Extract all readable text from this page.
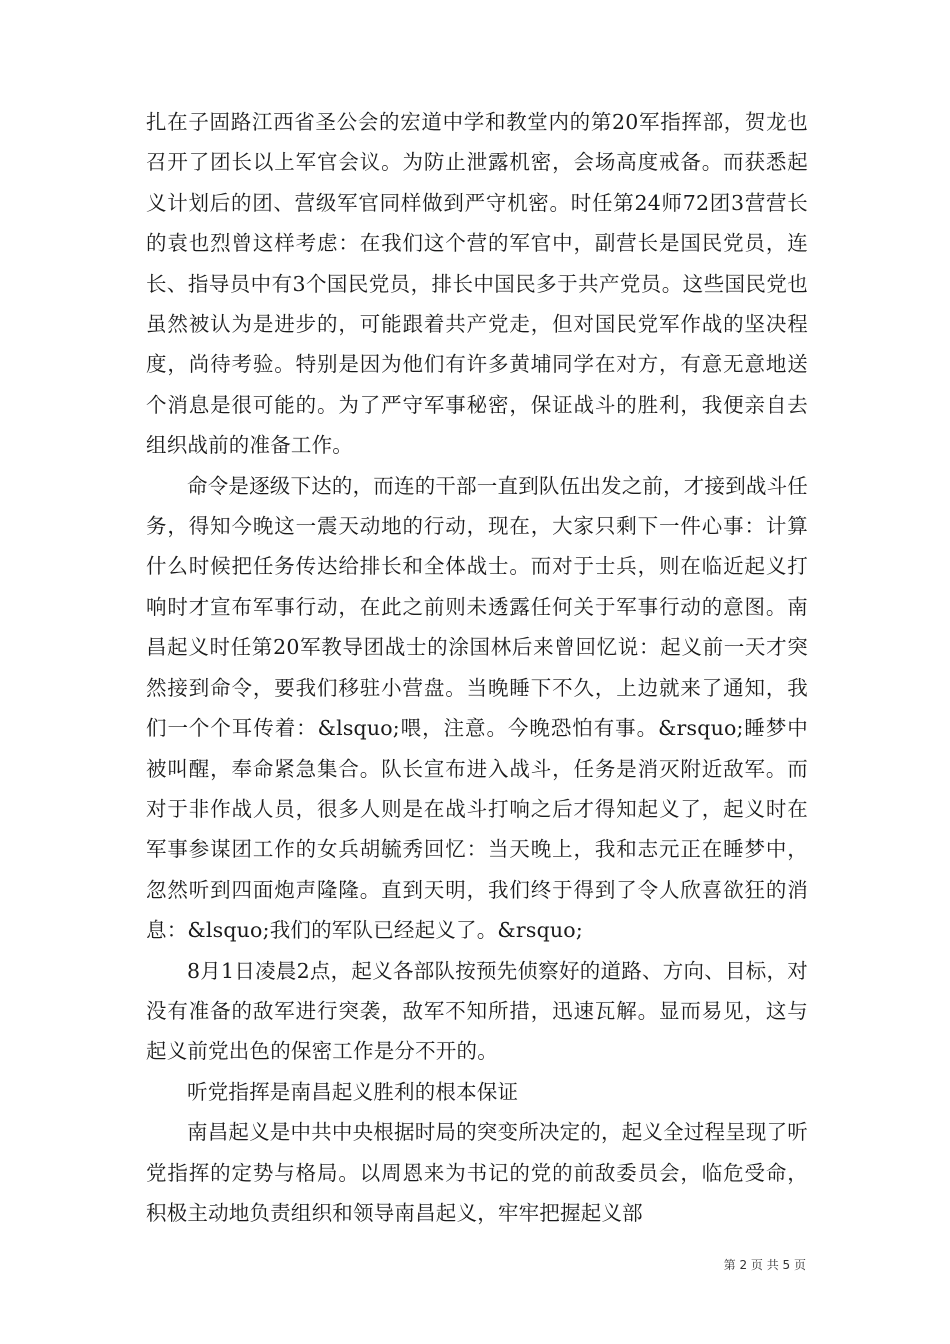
扎在子固路江西省圣公会的宏道中学和教堂内的第20军指挥部，贺龙也召开了团长以上军官会议。为防止泄露机密，会场高度戒备。而获悉起义计划后的团、营级军官同样做到严守机密。时任第24师72团3营营长的袁也烈曾这样考虑：在我们这个营的军官中，副营长是国民党员，连长、指导员中有3个国民党员，排长中国民多于共产党员。这些国民党也虽然被认为是进步的，可能跟着共产党走，但对国民党军作战的坚决程度，尚待考验。特别是因为他们有许多黄埔同学在对方，有意无意地送个消息是很可能的。为了严守军事秘密，保证战斗的胜利，我便亲自去组织战前的准备工作。

命令是逐级下达的，而连的干部一直到队伍出发之前，才接到战斗任务，得知今晚这一震天动地的行动，现在，大家只剩下一件心事：计算什么时候把任务传达给排长和全体战士。而对于士兵，则在临近起义打响时才宣布军事行动，在此之前则未透露任何关于军事行动的意图。南昌起义时任第20军教导团战士的涂国林后来曾回忆说：起义前一天才突然接到命令，要我们移驻小营盘。当晚睡下不久，上边就来了通知，我们一个个耳传着：&lsquo;喂，注意。今晚恐怕有事。&rsquo;睡梦中被叫醒，奉命紧急集合。队长宣布进入战斗，任务是消灭附近敌军。而对于非作战人员，很多人则是在战斗打响之后才得知起义了，起义时在军事参谋团工作的女兵胡毓秀回忆：当天晚上，我和志元正在睡梦中，忽然听到四面炮声隆隆。直到天明，我们终于得到了令人欣喜欲狂的消息：&lsquo;我们的军队已经起义了。&rsquo;

8月1日凌晨2点，起义各部队按预先侦察好的道路、方向、目标，对没有准备的敌军进行突袭，敌军不知所措，迅速瓦解。显而易见，这与起义前党出色的保密工作是分不开的。

听党指挥是南昌起义胜利的根本保证

南昌起义是中共中央根据时局的突变所决定的，起义全过程呈现了听党指挥的定势与格局。以周恩来为书记的党的前敌委员会，临危受命，积极主动地负责组织和领导南昌起义，牢牢把握起义部

第 2 页 共 5 页
